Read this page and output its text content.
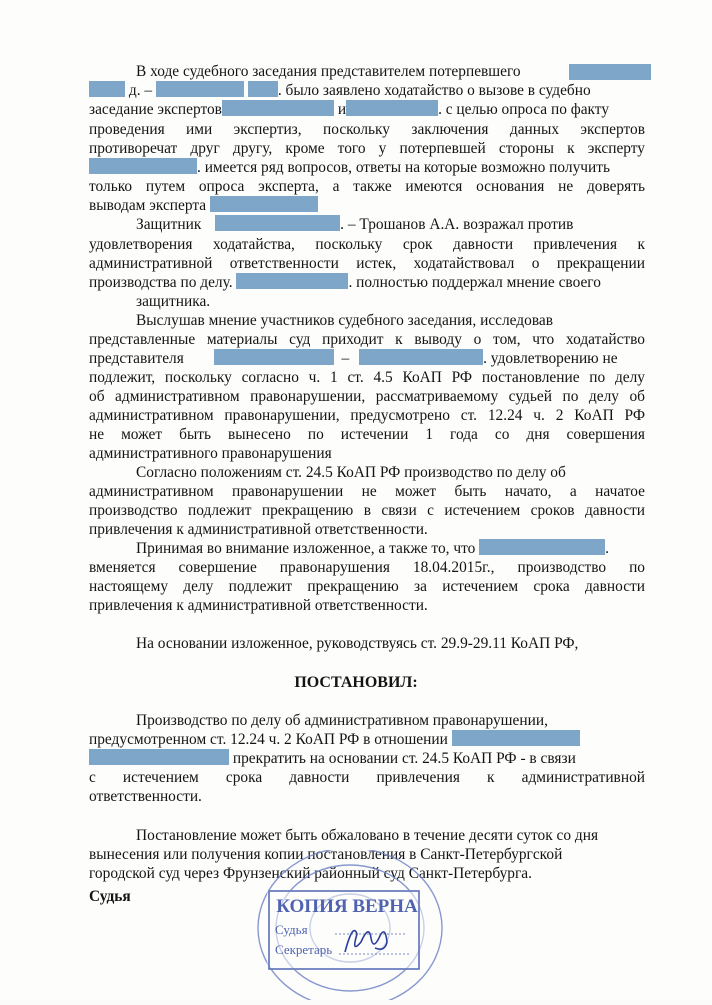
В ходе судебного заседания представителем потерпевшего
д. –	. было заявлено ходатайство о вызове в судебно
заседание экспертов	и	. с целью опроса по факту
проведения ими экспертиз, поскольку заключения данных экспертов
противоречат друг другу, кроме того у потерпевшей стороны к эксперту
. имеется ряд вопросов, ответы на которые возможно получить
только путем опроса эксперта, а также имеются основания не доверять
выводам эксперта
Защитник	. – Трошанов А.А. возражал против
удовлетворения ходатайства, поскольку срок давности привлечения к
административной ответственности истек, ходатайствовал о прекращении
производства по делу.	. полностью поддержал мнение своего
защитника.
Выслушав мнение участников судебного заседания, исследовав
представленные материалы суд приходит к выводу о том, что ходатайство
представителя	–	. удовлетворению не
подлежит, поскольку согласно ч. 1 ст. 4.5 КоАП РФ постановление по делу
об административном правонарушении, рассматриваемому судьей по делу об
административном правонарушении, предусмотрено ст. 12.24 ч. 2 КоАП РФ
не может быть вынесено по истечении 1 года со дня совершения
административного правонарушения
Согласно положениям ст. 24.5 КоАП РФ производство по делу об
административном правонарушении не может быть начато, а начатое
производство подлежит прекращению в связи с истечением сроков давности
привлечения к административной ответственности.
Принимая во внимание изложенное, а также то, что	.
вменяется совершение правонарушения 18.04.2015г., производство по
настоящему делу подлежит прекращению за истечением срока давности
привлечения к административной ответственности.
На основании изложенное, руководствуясь ст. 29.9-29.11 КоАП РФ,
ПОСТАНОВИЛ:
Производство по делу об административном правонарушении,
предусмотренном ст. 12.24 ч. 2 КоАП РФ в отношении
прекратить на основании ст. 24.5 КоАП РФ - в связи
с истечением срока давности привлечения к административной
ответственности.
Постановление может быть обжаловано в течение десяти суток со дня
вынесения или получения копии постановления в Санкт-Петербургской
городской суд через Фрунзенский районный суд Санкт-Петербурга.
Судья	КОПИЯ ВЕРНА
Судья
Секретарь
